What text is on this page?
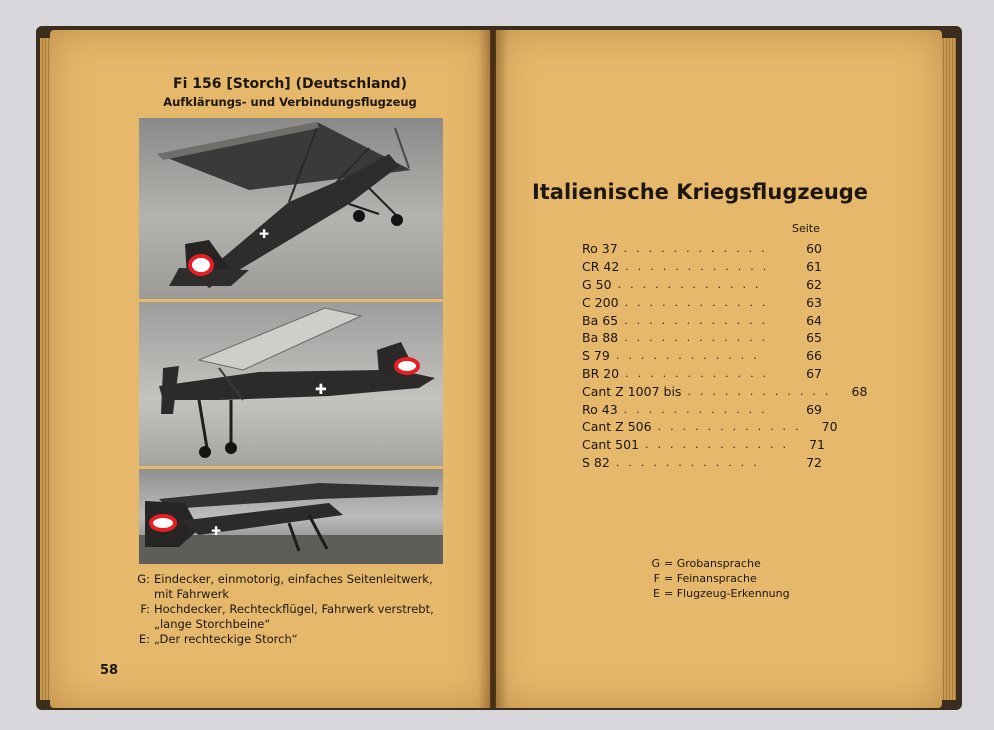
Fi 156 [Storch] (Deutschland)
Aufklärungs- und Verbindungsflugzeug
✚
✚
✚
G: Eindecker, einmotorig, einfaches Seitenleitwerk,
mit Fahrwerk
F: Hochdecker, Rechteckflügel, Fahrwerk verstrebt,
„lange Storchbeine“
E: „Der rechteckige Storch“
58
Italienische Kriegsflugzeuge
Seite
Ro 37 ............	60
CR 42 ............	61
G 50 ............	62
C 200 ............	63
Ba 65 ............	64
Ba 88 ............	65
S 79 ............	66
BR 20 ............	67
Cant Z 1007 bis ............	68
Ro 43 ............	69
Cant Z 506 ............	70
Cant 501 ............	71
S 82 ............	72
G = Grobansprache
F = Feinansprache
E = Flugzeug-Erkennung
